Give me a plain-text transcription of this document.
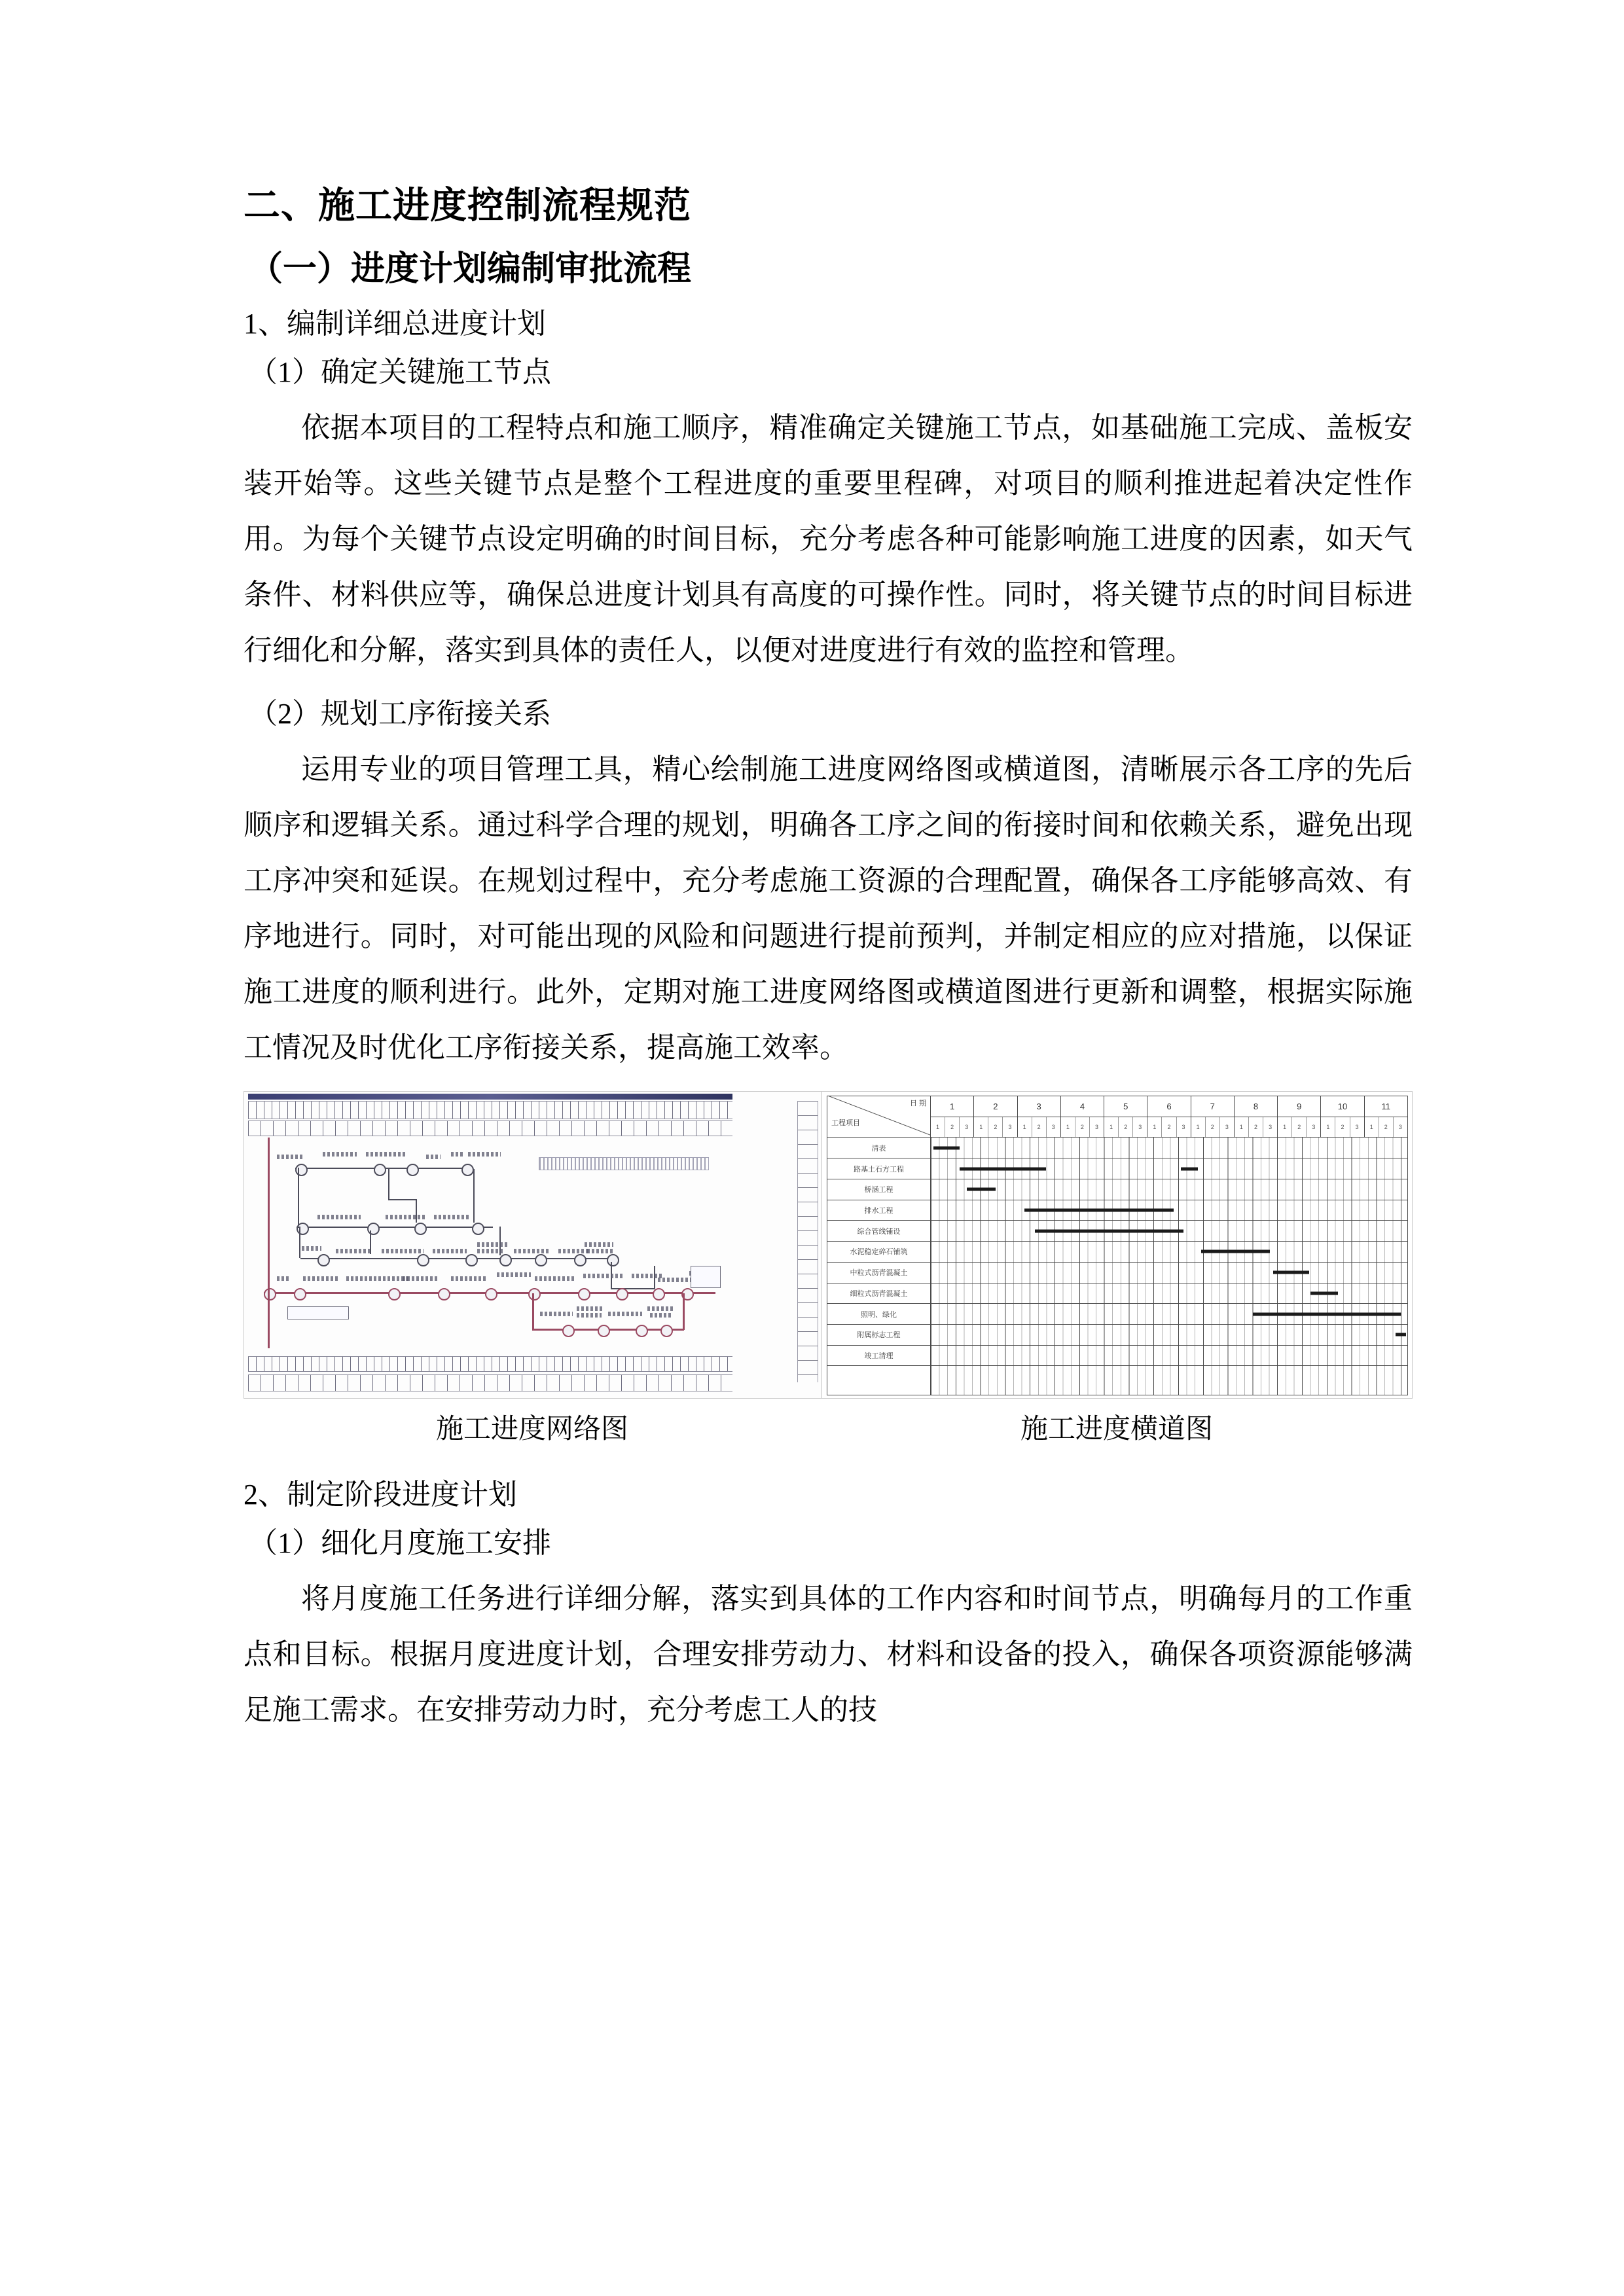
二、施工进度控制流程规范
（一）进度计划编制审批流程

1、编制详细总进度计划

（1）确定关键施工节点

依据本项目的工程特点和施工顺序，精准确定关键施工节点，如基础施工完成、盖板安装开始等。这些关键节点是整个工程进度的重要里程碑，对项目的顺利推进起着决定性作用。为每个关键节点设定明确的时间目标，充分考虑各种可能影响施工进度的因素，如天气条件、材料供应等，确保总进度计划具有高度的可操作性。同时，将关键节点的时间目标进行细化和分解，落实到具体的责任人，以便对进度进行有效的监控和管理。

（2）规划工序衔接关系

运用专业的项目管理工具，精心绘制施工进度网络图或横道图，清晰展示各工序的先后顺序和逻辑关系。通过科学合理的规划，明确各工序之间的衔接时间和依赖关系，避免出现工序冲突和延误。在规划过程中，充分考虑施工资源的合理配置，确保各工序能够高效、有序地进行。同时，对可能出现的风险和问题进行提前预判，并制定相应的应对措施，以保证施工进度的顺利进行。此外，定期对施工进度网络图或横道图进行更新和调整，根据实际施工情况及时优化工序衔接关系，提高施工效率。

日 期
工程项目
1	2	3	4	5	6	7	8	9	10	11
1	2	3	1	2	3	1	2	3	1	2	3	1	2	3	1	2	3	1	2	3	1	2	3	1	2	3	1	2	3	1	2	3
清表
路基土石方工程
桥涵工程
排水工程
综合管线铺设
水泥稳定碎石铺筑
中粒式沥青混凝土
细粒式沥青混凝土
照明、绿化
附属标志工程
竣工清理
施工进度网络图	施工进度横道图

2、制定阶段进度计划

（1）细化月度施工安排

将月度施工任务进行详细分解，落实到具体的工作内容和时间节点，明确每月的工作重点和目标。根据月度进度计划，合理安排劳动力、材料和设备的投入，确保各项资源能够满足施工需求。在安排劳动力时，充分考虑工人的技
